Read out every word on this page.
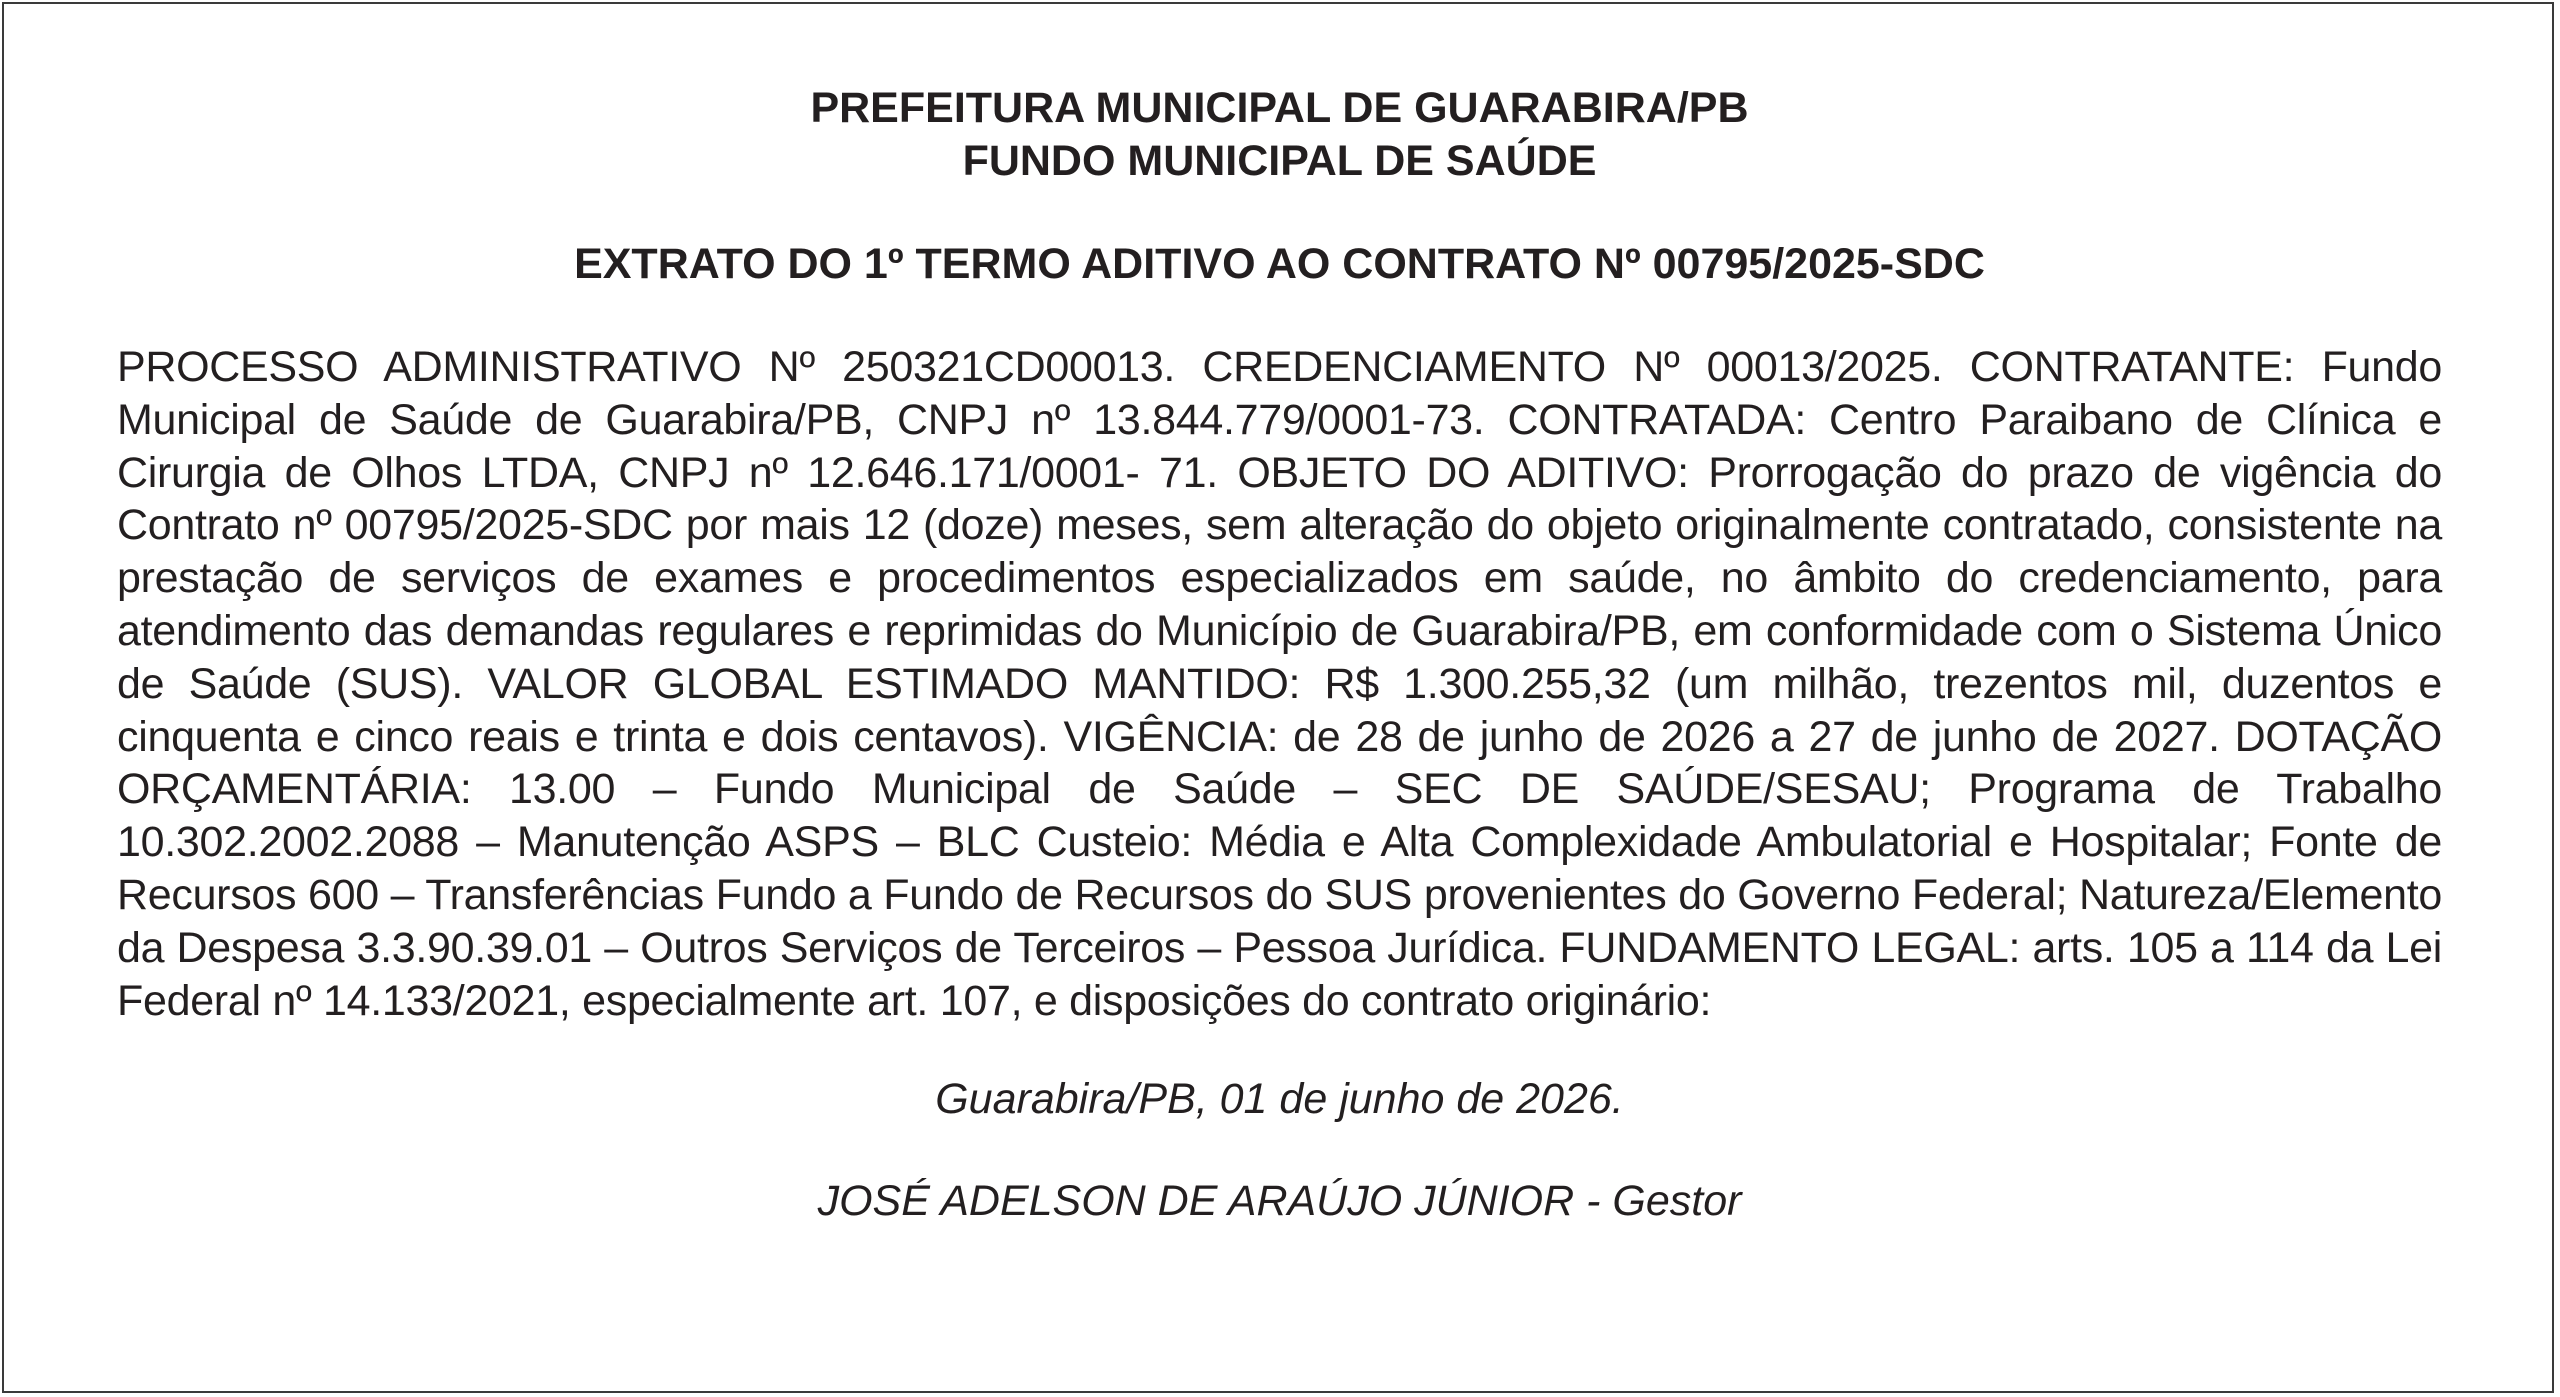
PREFEITURA MUNICIPAL DE GUARABIRA/PB

FUNDO MUNICIPAL DE SAÚDE

EXTRATO DO 1º TERMO ADITIVO AO CONTRATO Nº 00795/2025-SDC

PROCESSO ADMINISTRATIVO Nº 250321CD00013. CREDENCIAMENTO Nº 00013/2025. CONTRATANTE: Fundo Municipal de Saúde de Guarabira/PB, CNPJ nº 13.844.779/0001-73. CONTRATADA: Centro Paraibano de Clínica e Cirurgia de Olhos LTDA, CNPJ nº 12.646.171/0001- 71. OBJETO DO ADITIVO: Prorrogação do prazo de vigência do Contrato nº 00795/2025-SDC por mais 12 (doze) meses, sem alteração do objeto originalmente contratado, consistente na prestação de serviços de exames e procedimentos especializados em saúde, no âmbito do credenciamento, para atendimento das demandas regulares e reprimidas do Município de Guarabira/PB, em conformidade com o Sistema Único de Saúde (SUS). VALOR GLOBAL ESTIMADO MANTIDO: R$ 1.300.255,32 (um milhão, trezentos mil, duzentos e cinquenta e cinco reais e trinta e dois centavos). VIGÊNCIA: de 28 de junho de 2026 a 27 de junho de 2027. DOTAÇÃO ORÇAMENTÁRIA: 13.00 – Fundo Municipal de Saúde – SEC DE SAÚDE/SESAU; Programa de Trabalho 10.302.2002.2088 – Manutenção ASPS – BLC Custeio: Média e Alta Complexidade Ambulatorial e Hospitalar; Fonte de Recursos 600 – Transferências Fundo a Fundo de Recursos do SUS provenientes do Governo Federal; Natureza/Elemento da Despesa 3.3.90.39.01 – Outros Serviços de Terceiros – Pessoa Jurídica. FUNDAMENTO LEGAL: arts. 105 a 114 da Lei Federal nº 14.133/2021, especialmente art. 107, e disposições do contrato originário:

Guarabira/PB, 01 de junho de 2026.

JOSÉ ADELSON DE ARAÚJO JÚNIOR - Gestor
